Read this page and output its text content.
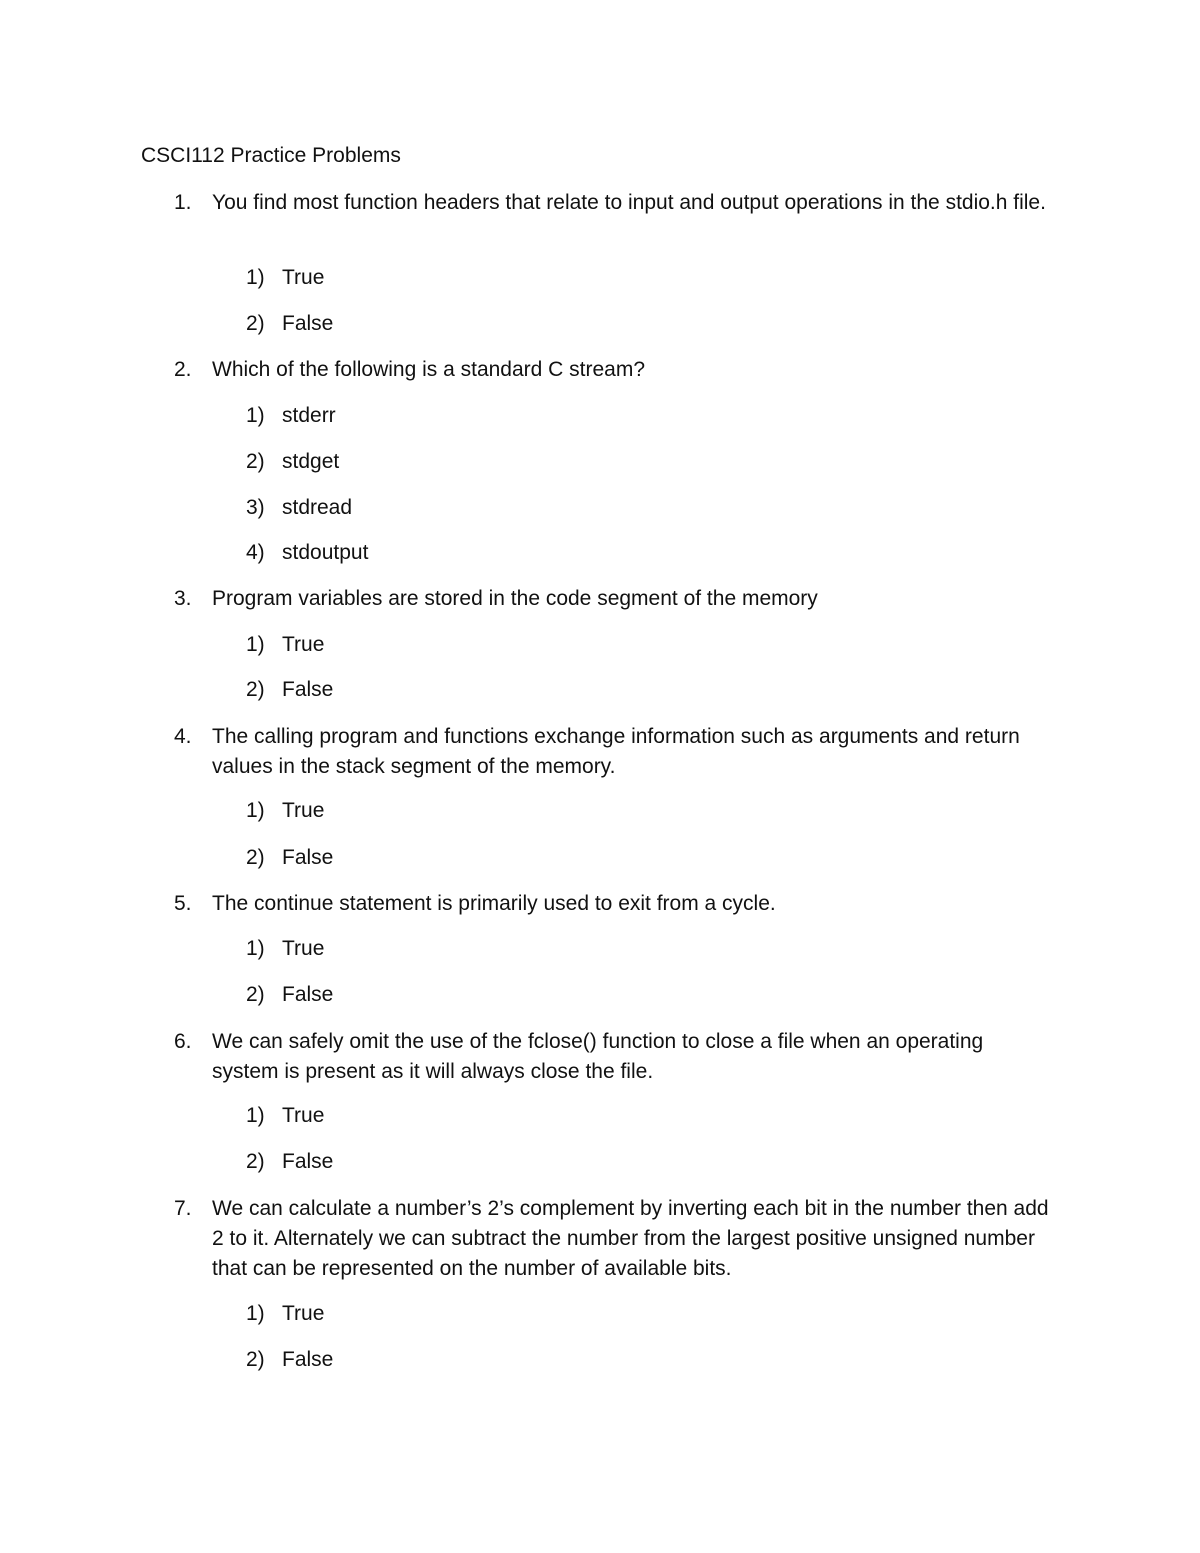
CSCI112 Practice Problems
1. You find most function headers that relate to input and output operations in the stdio.h file.
1) True
2) False
2. Which of the following is a standard C stream?
1) stderr
2) stdget
3) stdread
4) stdoutput
3. Program variables are stored in the code segment of the memory
1) True
2) False
4. The calling program and functions exchange information such as arguments and return values in the stack segment of the memory.
1) True
2) False
5. The continue statement is primarily used to exit from a cycle.
1) True
2) False
6. We can safely omit the use of the fclose() function to close a file when an operating system is present as it will always close the file.
1) True
2) False
7. We can calculate a number’s 2’s complement by inverting each bit in the number then add 2 to it. Alternately we can subtract the number from the largest positive unsigned number that can be represented on the number of available bits.
1) True
2) False
